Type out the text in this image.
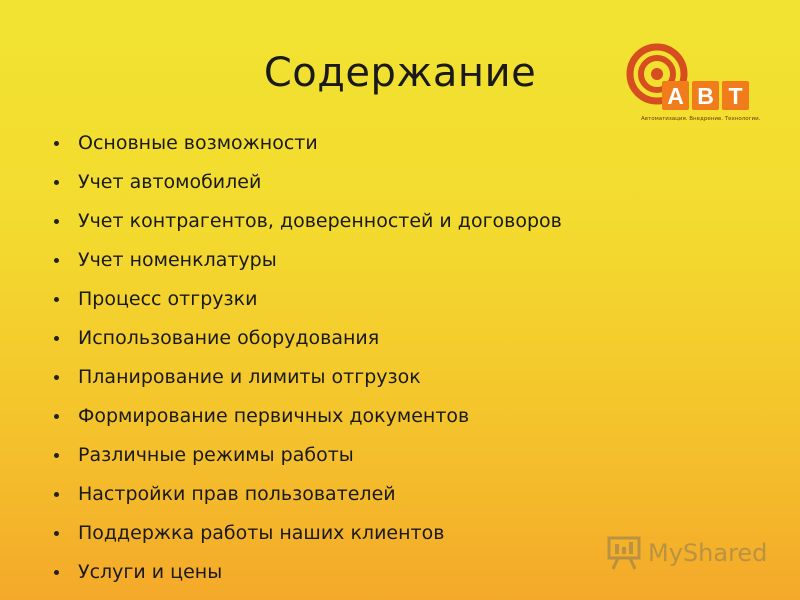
Содержание	А В Т
Автоматизация. Внедрение. Технологии.
Основные возможности
Учет автомобилей
Учет контрагентов, доверенностей и договоров
Учет номенклатуры
Процесс отгрузки
Использование оборудования
Планирование и лимиты отгрузок
Формирование первичных документов
Различные режимы работы
Настройки прав пользователей
Поддержка работы наших клиентов
Услуги и цены
MyShared
